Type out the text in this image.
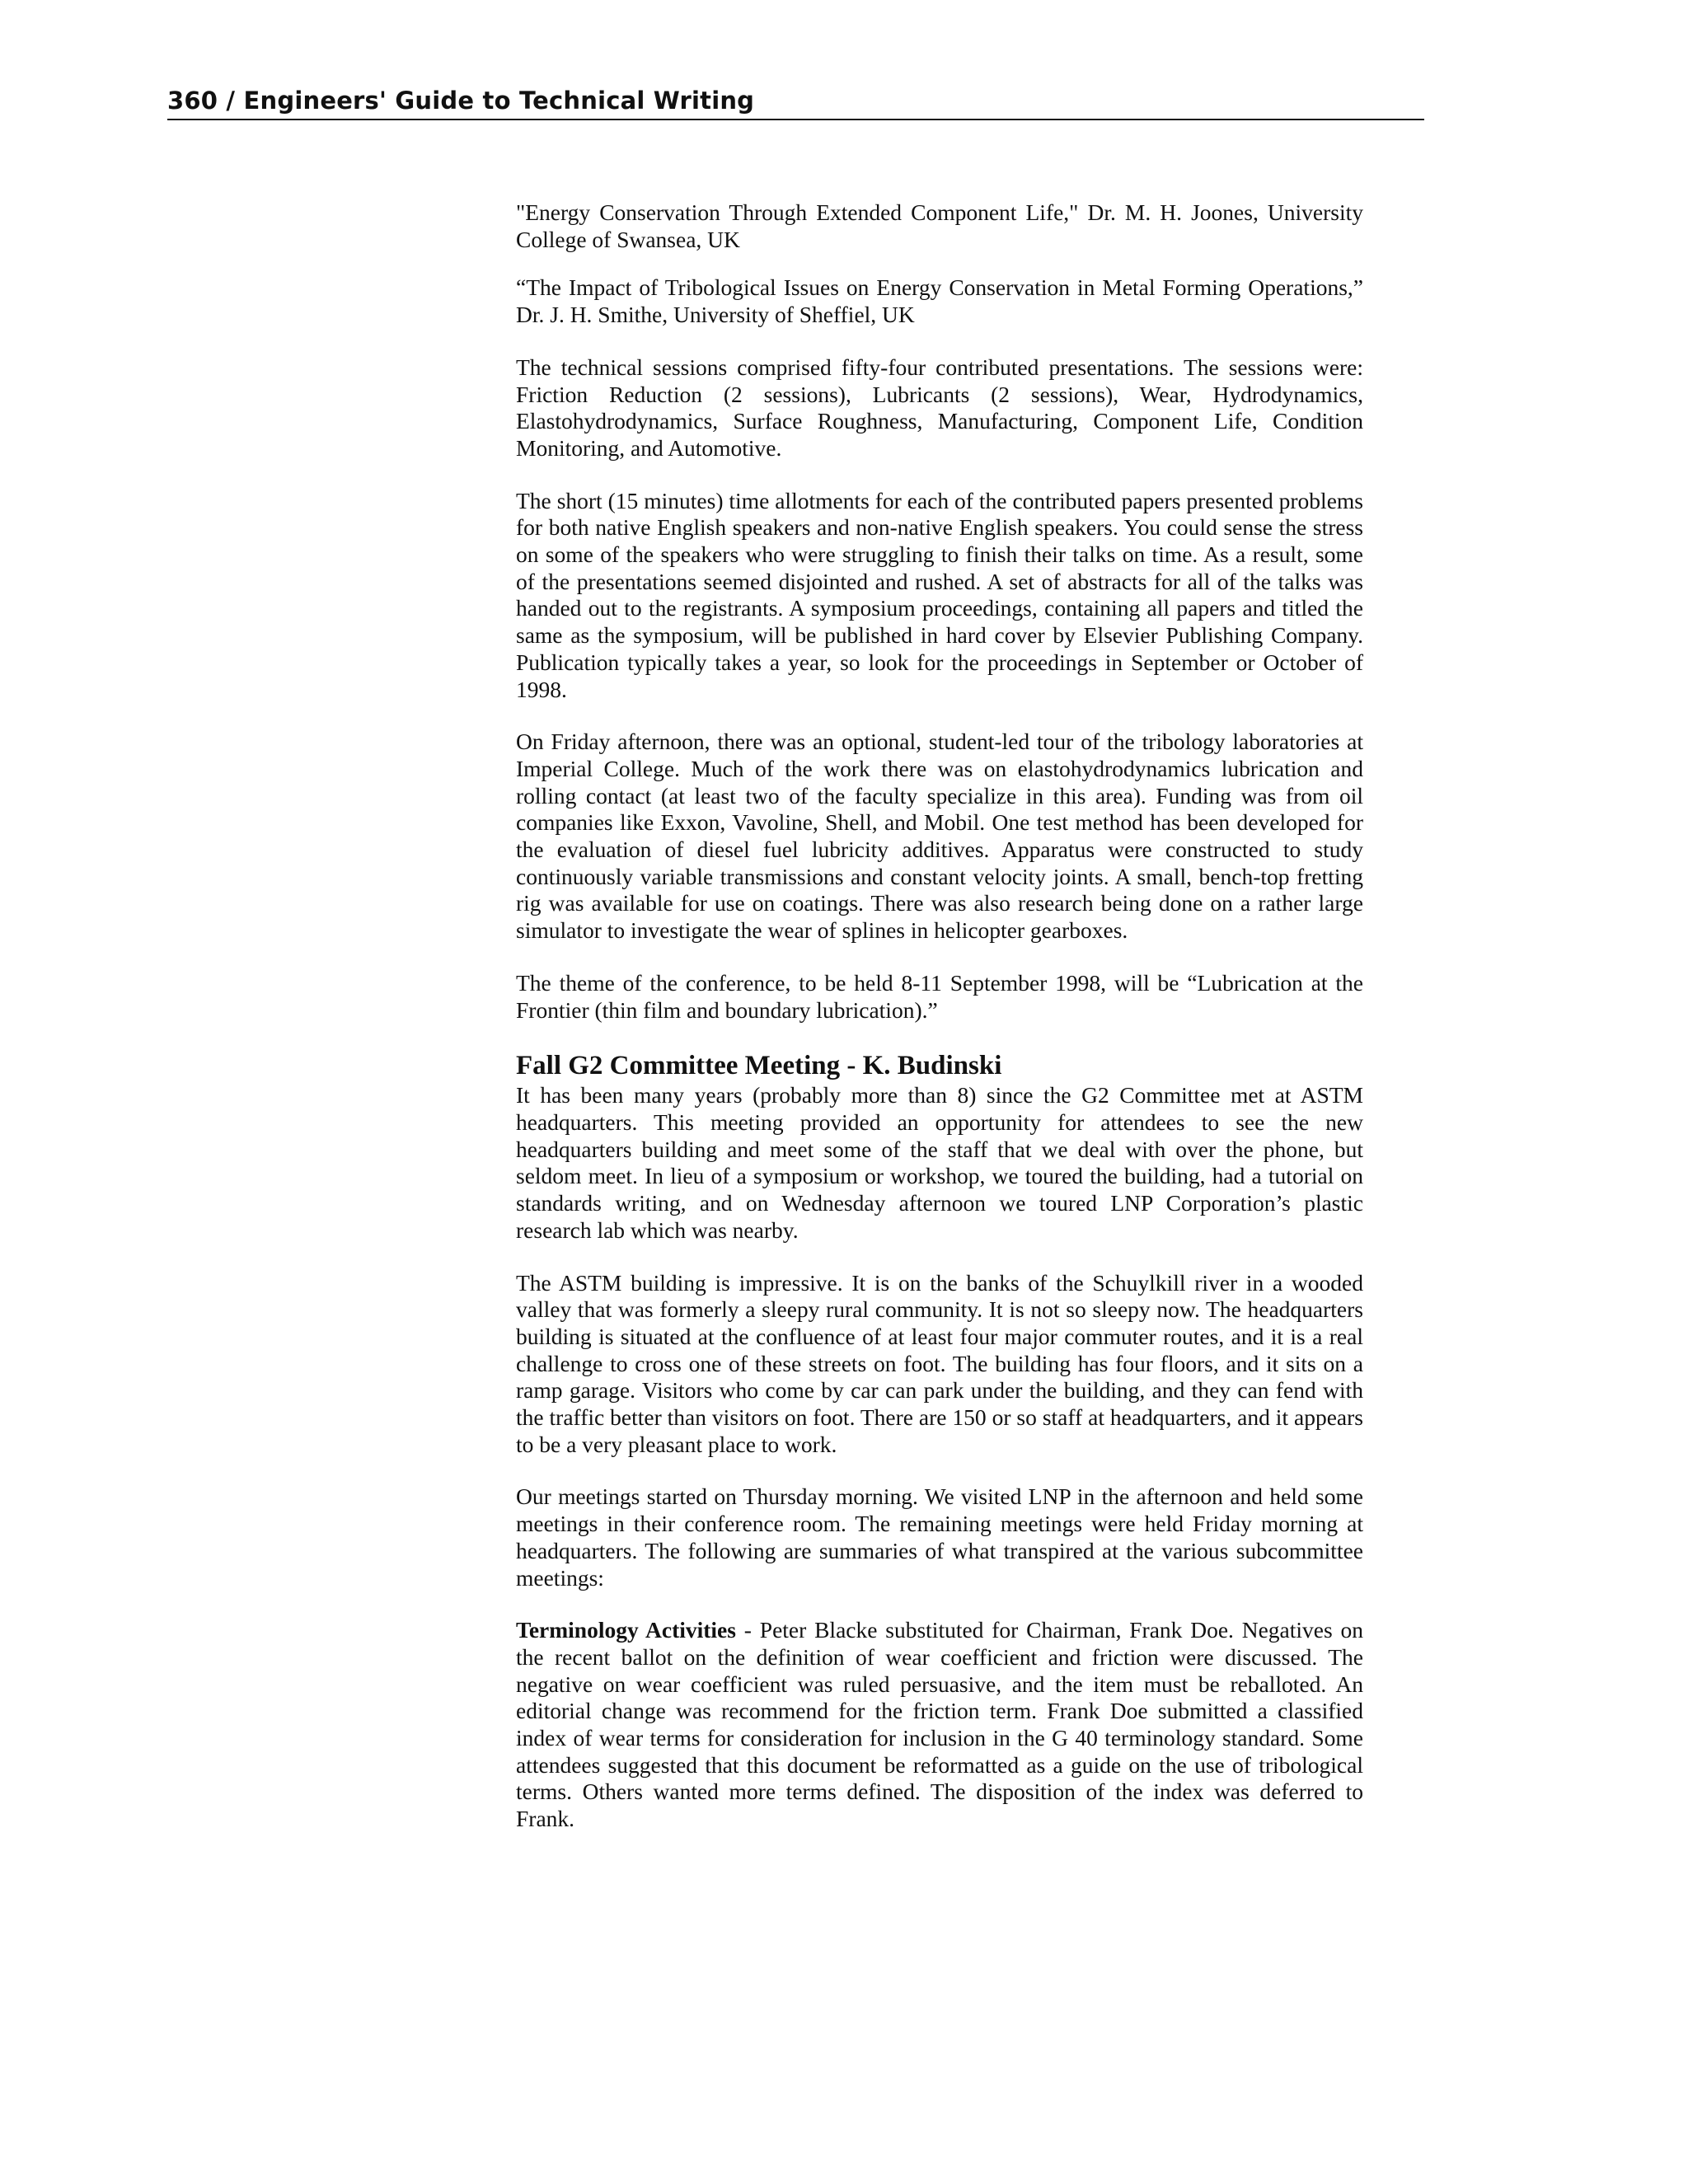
360 / Engineers' Guide to Technical Writing

"Energy Conservation Through Extended Component Life," Dr. M. H. Joones, University College of Swansea, UK

“The Impact of Tribological Issues on Energy Conservation in Metal Forming Operations,” Dr. J. H. Smithe, University of Sheffiel, UK

The technical sessions comprised fifty-four contributed presentations. The sessions were: Friction Reduction (2 sessions), Lubricants (2 sessions), Wear, Hydrodynamics, Elastohydrodynamics, Surface Roughness, Manufacturing, Component Life, Condition Monitoring, and Automotive.

The short (15 minutes) time allotments for each of the contributed papers presented problems for both native English speakers and non-native English speakers. You could sense the stress on some of the speakers who were struggling to finish their talks on time. As a result, some of the presentations seemed disjointed and rushed. A set of abstracts for all of the talks was handed out to the registrants. A symposium proceedings, containing all papers and titled the same as the symposium, will be published in hard cover by Elsevier Publishing Company. Publication typically takes a year, so look for the proceedings in September or October of 1998.

On Friday afternoon, there was an optional, student-led tour of the tribology laboratories at Imperial College. Much of the work there was on elastohydrodynamics lubrication and rolling contact (at least two of the faculty specialize in this area). Funding was from oil companies like Exxon, Vavoline, Shell, and Mobil. One test method has been developed for the evaluation of diesel fuel lubricity additives. Apparatus were constructed to study continuously variable transmissions and constant velocity joints. A small, bench-top fretting rig was available for use on coatings. There was also research being done on a rather large simulator to investigate the wear of splines in helicopter gearboxes.

The theme of the conference, to be held 8-11 September 1998, will be “Lubrication at the Frontier (thin film and boundary lubrication).”

Fall G2 Committee Meeting - K. Budinski

It has been many years (probably more than 8) since the G2 Committee met at ASTM headquarters. This meeting provided an opportunity for attendees to see the new headquarters building and meet some of the staff that we deal with over the phone, but seldom meet. In lieu of a symposium or workshop, we toured the building, had a tutorial on standards writing, and on Wednesday afternoon we toured LNP Corporation’s plastic research lab which was nearby.

The ASTM building is impressive. It is on the banks of the Schuylkill river in a wooded valley that was formerly a sleepy rural community. It is not so sleepy now. The headquarters building is situated at the confluence of at least four major commuter routes, and it is a real challenge to cross one of these streets on foot. The building has four floors, and it sits on a ramp garage. Visitors who come by car can park under the building, and they can fend with the traffic better than visitors on foot. There are 150 or so staff at headquarters, and it appears to be a very pleasant place to work.

Our meetings started on Thursday morning. We visited LNP in the afternoon and held some meetings in their conference room. The remaining meetings were held Friday morning at headquarters. The following are summaries of what transpired at the various subcommittee meetings:

Terminology Activities - Peter Blacke substituted for Chairman, Frank Doe. Negatives on the recent ballot on the definition of wear coefficient and friction were discussed. The negative on wear coefficient was ruled persuasive, and the item must be reballoted. An editorial change was recommend for the friction term. Frank Doe submitted a classified index of wear terms for consideration for inclusion in the G 40 terminology standard. Some attendees suggested that this document be reformatted as a guide on the use of tribological terms. Others wanted more terms defined. The disposition of the index was deferred to Frank.
